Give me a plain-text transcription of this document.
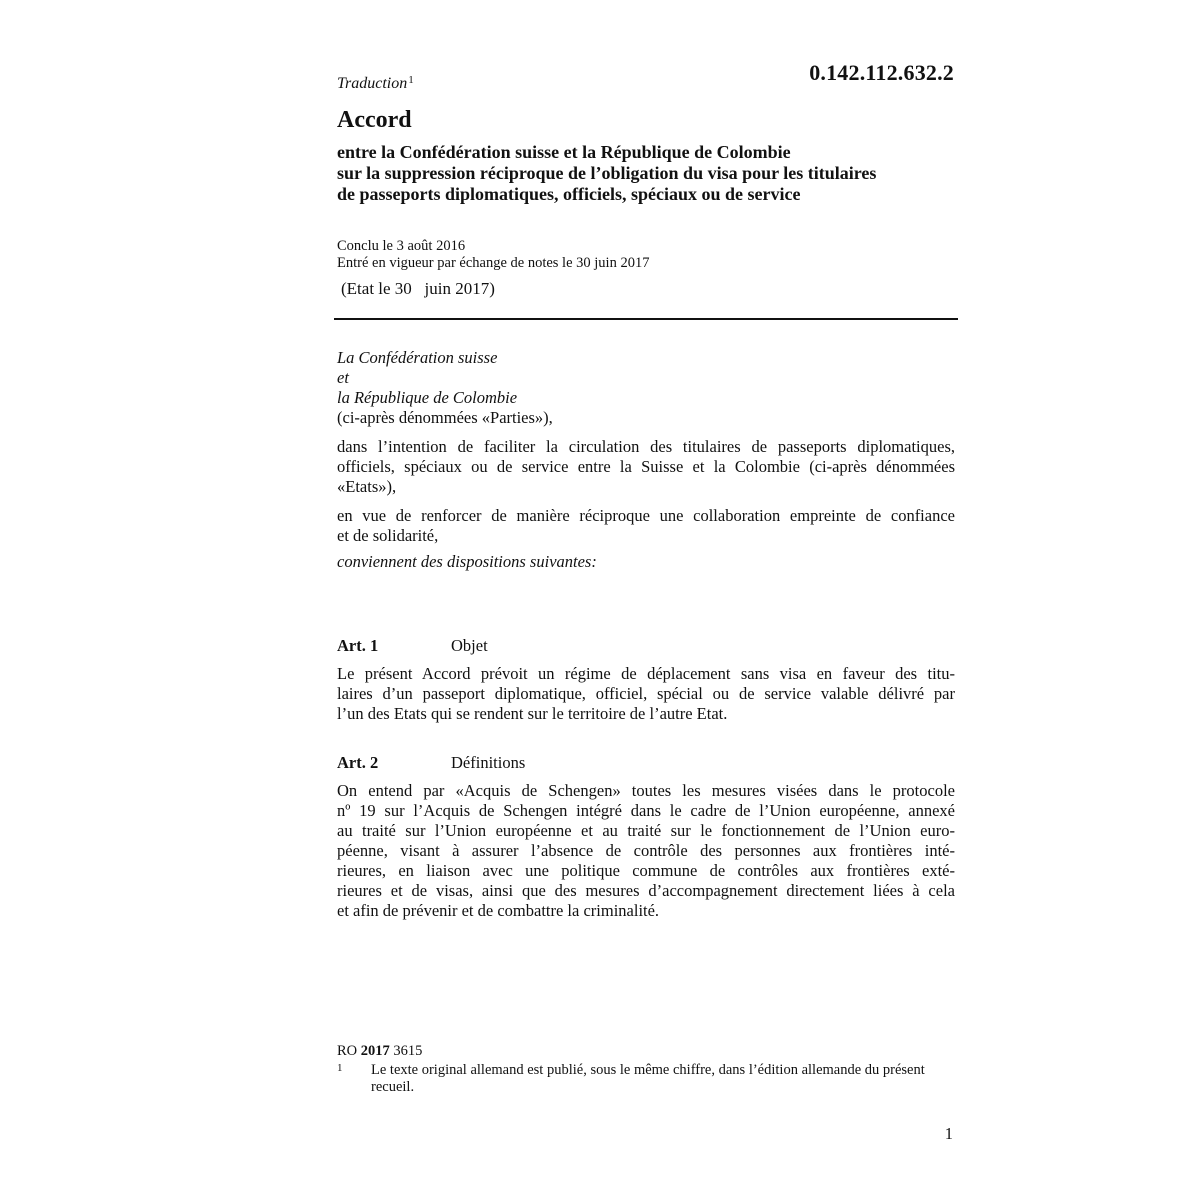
Traduction$^1$	0.142.112.632.2
Accord
entre la Confédération suisse et la République de Colombie
sur la suppression réciproque de l’obligation du visa pour les titulaires
de passeports diplomatiques, officiels, spéciaux ou de service
Conclu le 3 août 2016
Entré en vigueur par échange de notes le 30 juin 2017
(Etat le 30   juin 2017)
La Confédération suisse
et
la République de Colombie
(ci-après dénommées «Parties»),
dans l’intention de faciliter la circulation des titulaires de passeports diplomatiques,
officiels, spéciaux ou de service entre la Suisse et la Colombie (ci-après dénommées
«Etats»),
en vue de renforcer de manière réciproque une collaboration empreinte de confiance
et de solidarité,
conviennent des dispositions suivantes:
Art. 1	Objet
Le présent Accord prévoit un régime de déplacement sans visa en faveur des titu-
laires d’un passeport diplomatique, officiel, spécial ou de service valable délivré par
l’un des Etats qui se rendent sur le territoire de l’autre Etat.
Art. 2	Définitions
On entend par «Acquis de Schengen» toutes les mesures visées dans le protocole
nº 19 sur l’Acquis de Schengen intégré dans le cadre de l’Union européenne, annexé
au traité sur l’Union européenne et au traité sur le fonctionnement de l’Union euro-
péenne, visant à assurer l’absence de contrôle des personnes aux frontières inté-
rieures, en liaison avec une politique commune de contrôles aux frontières exté-
rieures et de visas, ainsi que des mesures d’accompagnement directement liées à cela
et afin de prévenir et de combattre la criminalité.
RO 2017 3615
1 Le texte original allemand est publié, sous le même chiffre, dans l’édition allemande du présent recueil.
1
